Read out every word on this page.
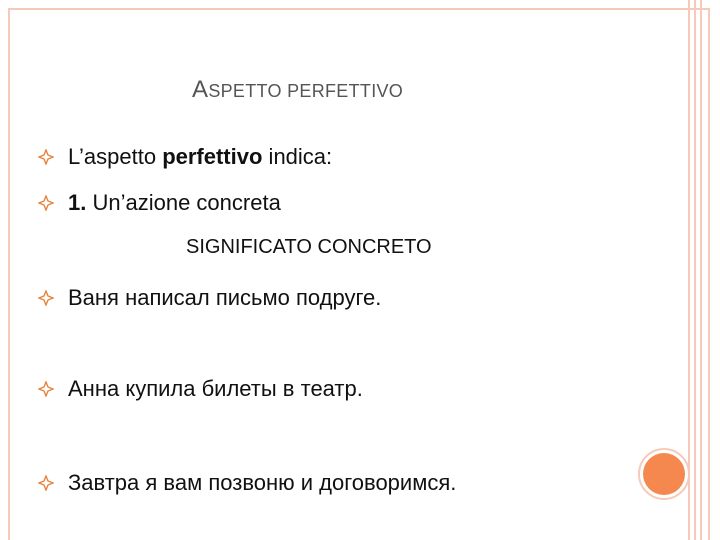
ASPETTO PERFETTIVO
L’aspetto perfettivo indica:
1. Un’azione concreta
SIGNIFICATO CONCRETO
Ваня написал письмо подруге.
Анна купила билеты в театр.
Завтра я вам позвоню и договоримся.
